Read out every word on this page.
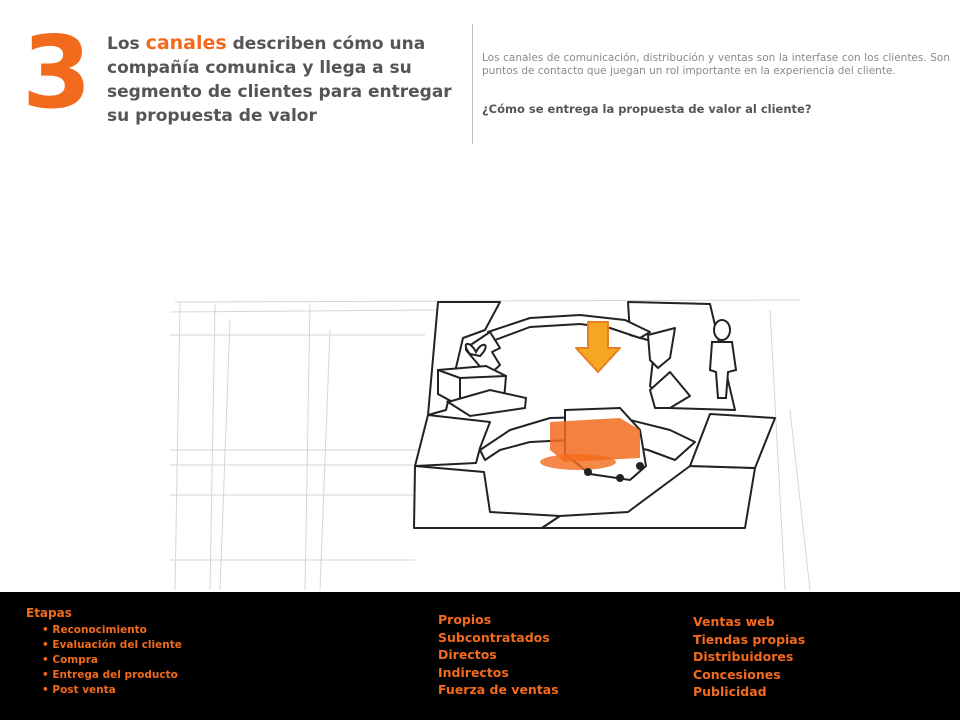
3 Los canales describen cómo una compañía comunica y llega a su segmento de clientes para entregar su propuesta de valor
Los canales de comunicación, distribución y ventas son la interfase con los clientes. Son puntos de contacto que juegan un rol importante en la experiencia del cliente.
¿Cómo se entrega la propuesta de valor al cliente?
Etapas
• Reconocimiento
• Evaluación del cliente
• Compra
• Entrega del producto
• Post venta
Propios
Subcontratados
Directos
Indirectos
Fuerza de ventas
Ventas web
Tiendas propias
Distribuidores
Concesiones
Publicidad
